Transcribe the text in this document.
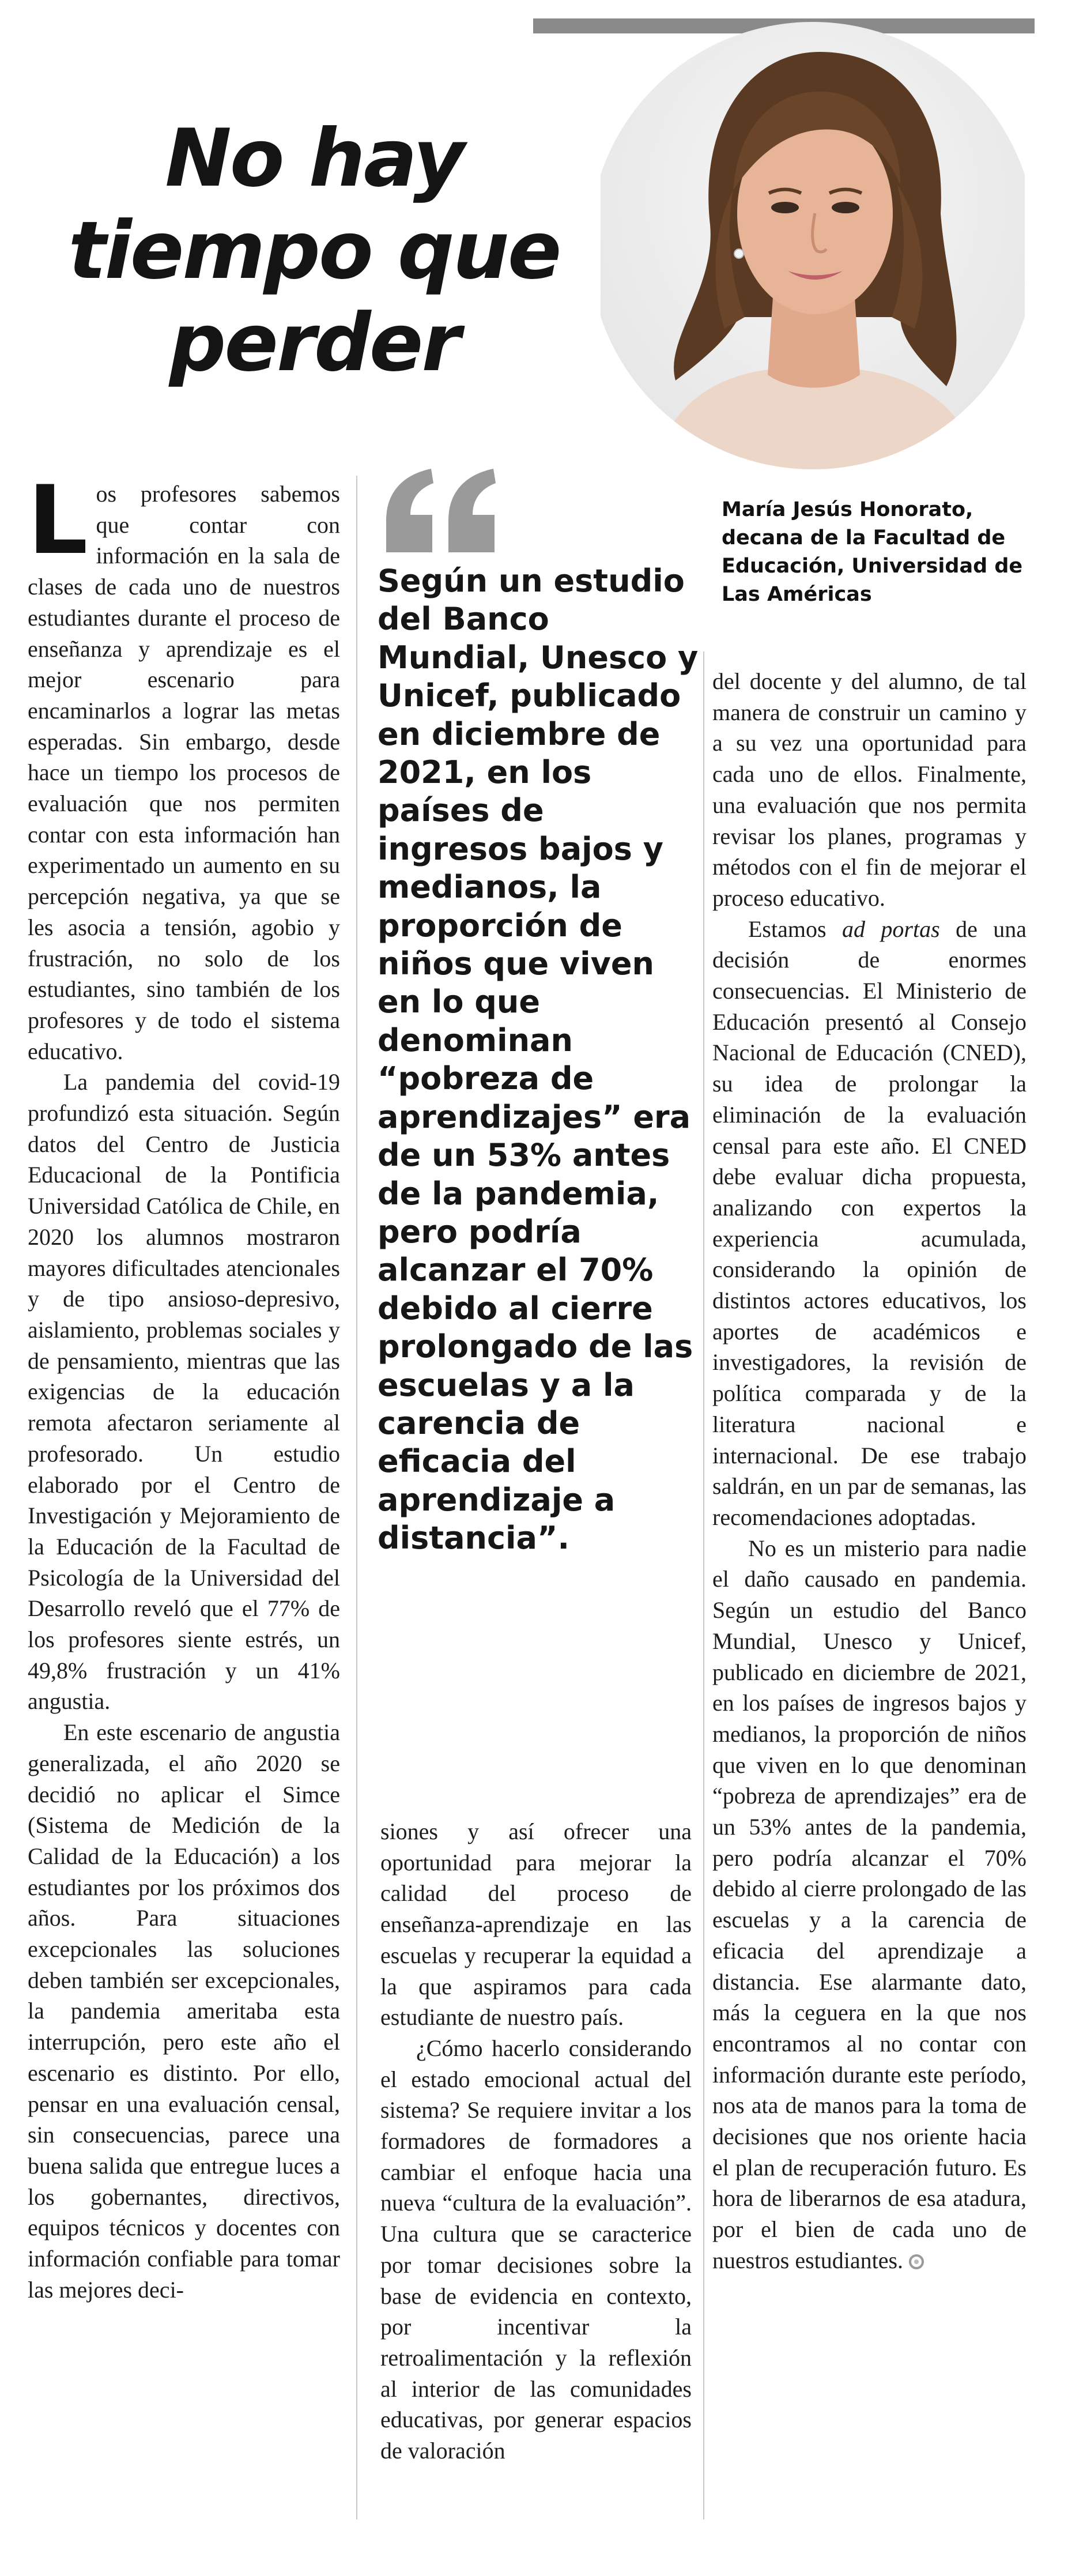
No hay
tiempo que
perder
María Jesús Honorato,
decana de la Facultad de
Educación, Universidad de
Las Américas

Los profesores sabemos que contar con información en la sala de clases de cada uno de nuestros estudiantes durante el proceso de enseñanza y aprendizaje es el mejor escenario para encaminarlos a lograr las metas esperadas. Sin embargo, desde hace un tiempo los procesos de evaluación que nos permiten contar con esta información han experimentado un aumento en su percepción negativa, ya que se les asocia a tensión, agobio y frustración, no solo de los estudiantes, sino también de los profesores y de todo el sistema educativo.

La pandemia del covid-19 profundizó esta situación. Según datos del Centro de Justicia Educacional de la Pontificia Universidad Católica de Chile, en 2020 los alumnos mostraron mayores dificultades atencionales y de tipo ansioso-depresivo, aislamiento, problemas sociales y de pensamiento, mientras que las exigencias de la educación remota afectaron seriamente al profesorado. Un estudio elaborado por el Centro de Investigación y Mejoramiento de la Educación de la Facultad de Psicología de la Universidad del Desarrollo reveló que el 77% de los profesores siente estrés, un 49,8% frustración y un 41% angustia.

En este escenario de angustia generalizada, el año 2020 se decidió no aplicar el Simce (Sistema de Medición de la Calidad de la Educación) a los estudiantes por los próximos dos años. Para situaciones excepcionales las soluciones deben también ser excepcionales, la pandemia ameritaba esta interrupción, pero este año el escenario es distinto. Por ello, pensar en una evaluación censal, sin consecuencias, parece una buena salida que entregue luces a los gobernantes, directivos, equipos técnicos y docentes con información confiable para tomar las mejores deci-

Según un estudio del Banco Mundial, Unesco y Unicef, publicado en diciembre de 2021, en los países de ingresos bajos y medianos, la proporción de niños que viven en lo que denominan “pobreza de aprendizajes” era de un 53% antes de la pandemia, pero podría alcanzar el 70% debido al cierre prolongado de las escuelas y a la carencia de eficacia del aprendizaje a distancia”.

siones y así ofrecer una oportunidad para mejorar la calidad del proceso de enseñanza-aprendizaje en las escuelas y recuperar la equidad a la que aspiramos para cada estudiante de nuestro país.

¿Cómo hacerlo considerando el estado emocional actual del sistema? Se requiere invitar a los formadores de formadores a cambiar el enfoque hacia una nueva “cultura de la evaluación”. Una cultura que se caracterice por tomar decisiones sobre la base de evidencia en contexto, por incentivar la retroalimentación y la reflexión al interior de las comunidades educativas, por generar espacios de valoración

del docente y del alumno, de tal manera de construir un camino y a su vez una oportunidad para cada uno de ellos. Finalmente, una evaluación que nos permita revisar los planes, programas y métodos con el fin de mejorar el proceso educativo.

Estamos ad portas de una decisión de enormes consecuencias. El Ministerio de Educación presentó al Consejo Nacional de Educación (CNED), su idea de prolongar la eliminación de la evaluación censal para este año. El CNED debe evaluar dicha propuesta, analizando con expertos la experiencia acumulada, considerando la opinión de distintos actores educativos, los aportes de académicos e investigadores, la revisión de política comparada y de la literatura nacional e internacional. De ese trabajo saldrán, en un par de semanas, las recomendaciones adoptadas.

No es un misterio para nadie el daño causado en pandemia. Según un estudio del Banco Mundial, Unesco y Unicef, publicado en diciembre de 2021, en los países de ingresos bajos y medianos, la proporción de niños que viven en lo que denominan “pobreza de aprendizajes” era de un 53% antes de la pandemia, pero podría alcanzar el 70% debido al cierre prolongado de las escuelas y a la carencia de eficacia del aprendizaje a distancia. Ese alarmante dato, más la ceguera en la que nos encontramos al no contar con información durante este período, nos ata de manos para la toma de decisiones que nos oriente hacia el plan de recuperación futuro. Es hora de liberarnos de esa atadura, por el bien de cada uno de nuestros estudiantes.
